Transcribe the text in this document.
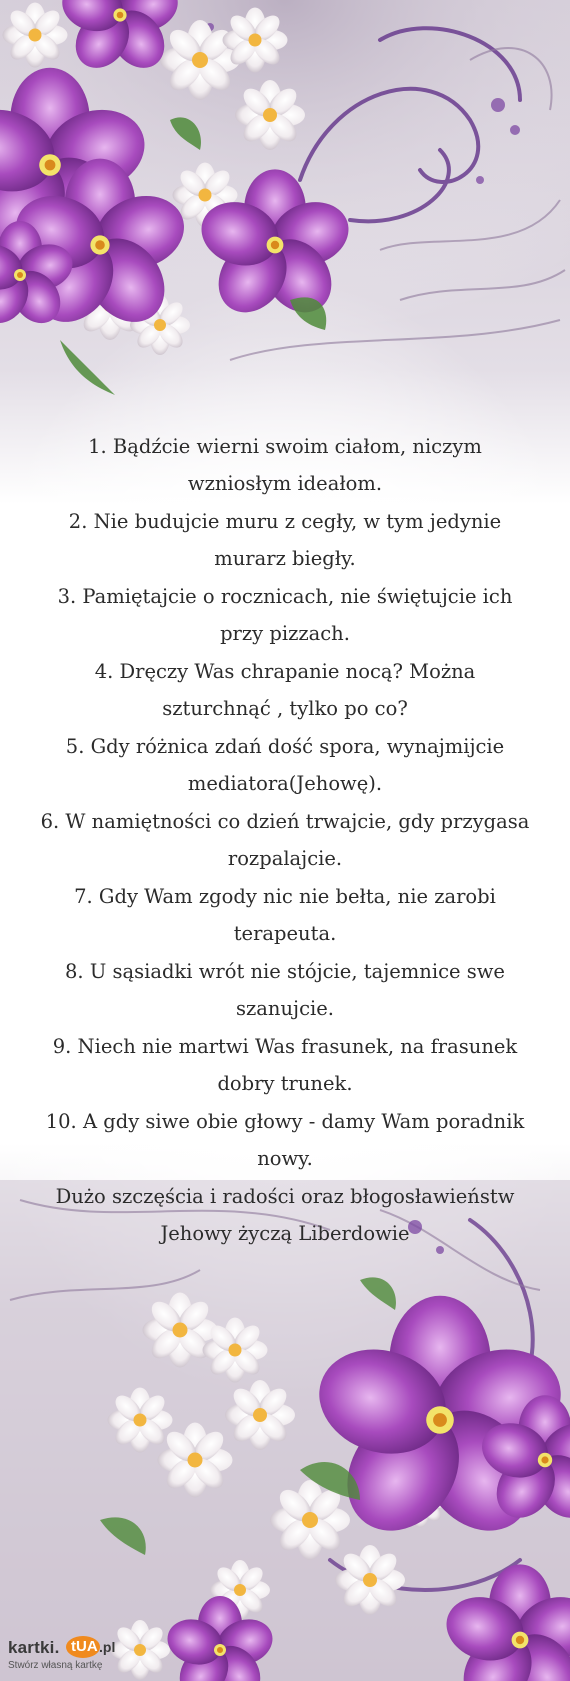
1. Bądźcie wierni swoim ciałom, niczym wzniosłym ideałom.

2. Nie budujcie muru z cegły, w tym jedynie murarz biegły.

3. Pamiętajcie o rocznicach, nie świętujcie ich przy pizzach.

4. Dręczy Was chrapanie nocą? Można szturchnąć , tylko po co?

5. Gdy różnica zdań dość spora, wynajmijcie mediatora(Jehowę).

6. W namiętności co dzień trwajcie, gdy przygasa rozpalajcie.

7. Gdy Wam zgody nic nie bełta, nie zarobi terapeuta.

8. U sąsiadki wrót nie stójcie, tajemnice swe szanujcie.

9. Niech nie martwi Was frasunek, na frasunek dobry trunek.

10. A gdy siwe obie głowy - damy Wam poradnik nowy.

Dużo szczęścia i radości oraz błogosławieństw Jehowy życzą Liberdowie

kartki. tUA .pl
Stwórz własną kartkę
